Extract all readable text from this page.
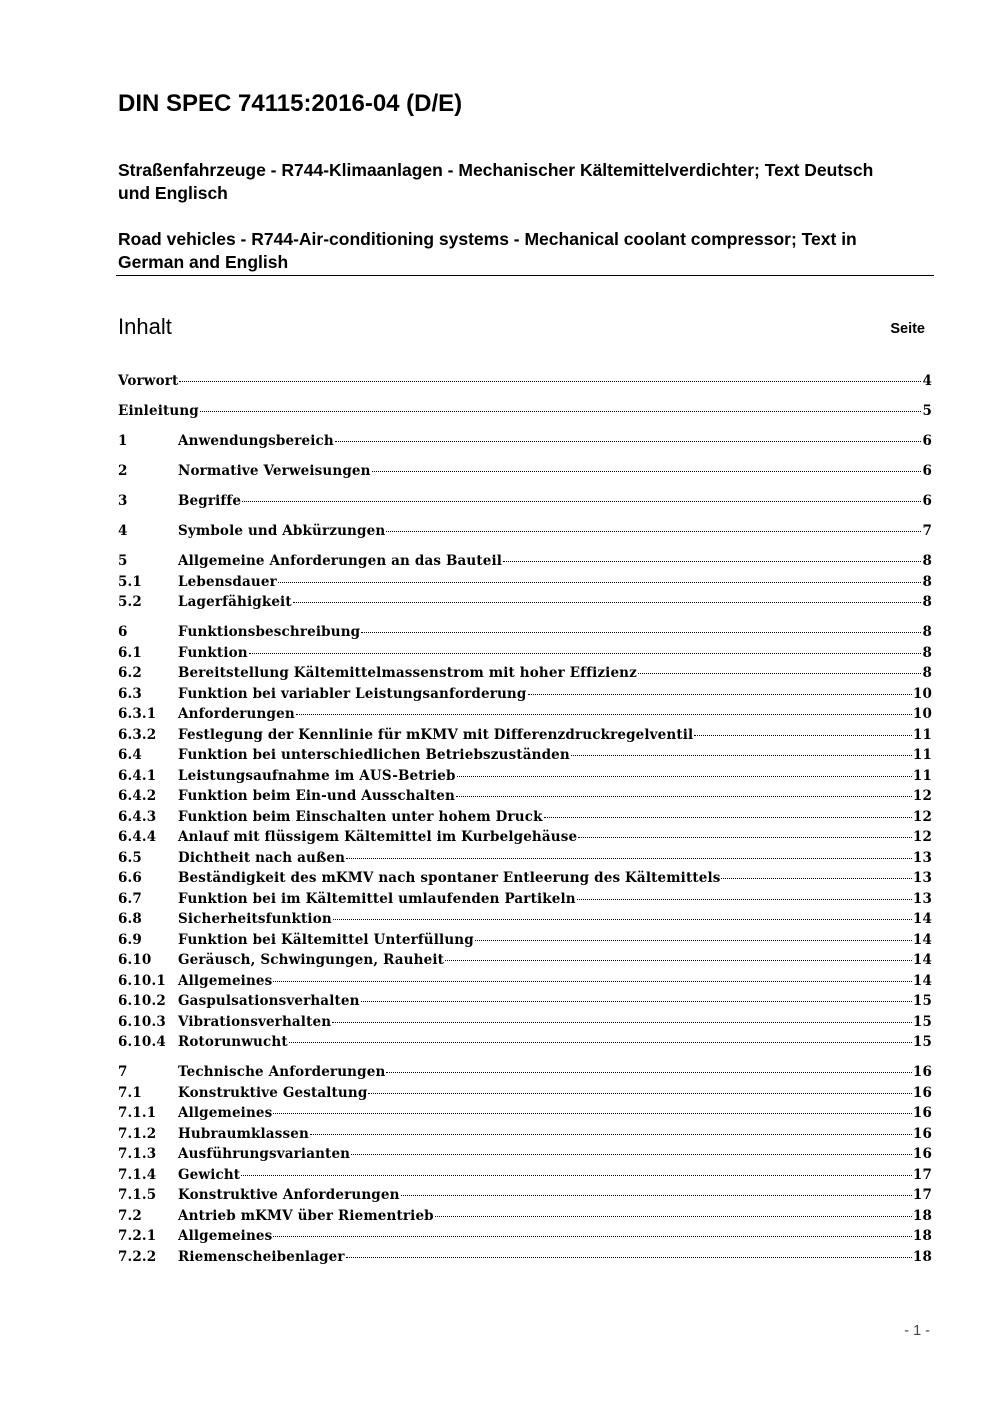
DIN SPEC 74115:2016-04 (D/E)
Straßenfahrzeuge - R744-Klimaanlagen - Mechanischer Kältemittelverdichter; Text Deutsch und Englisch
Road vehicles - R744-Air-conditioning systems - Mechanical coolant compressor; Text in German and English
Inhalt	Seite
Vorwort	4
Einleitung	5
1	Anwendungsbereich	6
2	Normative Verweisungen	6
3	Begriffe	6
4	Symbole und Abkürzungen	7
5	Allgemeine Anforderungen an das Bauteil	8
5.1	Lebensdauer	8
5.2	Lagerfähigkeit	8
6	Funktionsbeschreibung	8
6.1	Funktion	8
6.2	Bereitstellung Kältemittelmassenstrom mit hoher Effizienz	8
6.3	Funktion bei variabler Leistungsanforderung	10
6.3.1	Anforderungen	10
6.3.2	Festlegung der Kennlinie für mKMV mit Differenzdruckregelventil	11
6.4	Funktion bei unterschiedlichen Betriebszuständen	11
6.4.1	Leistungsaufnahme im AUS-Betrieb	11
6.4.2	Funktion beim Ein-und Ausschalten	12
6.4.3	Funktion beim Einschalten unter hohem Druck	12
6.4.4	Anlauf mit flüssigem Kältemittel im Kurbelgehäuse	12
6.5	Dichtheit nach außen	13
6.6	Beständigkeit des mKMV nach spontaner Entleerung des Kältemittels	13
6.7	Funktion bei im Kältemittel umlaufenden Partikeln	13
6.8	Sicherheitsfunktion	14
6.9	Funktion bei Kältemittel Unterfüllung	14
6.10	Geräusch, Schwingungen, Rauheit	14
6.10.1 Allgemeines	14
6.10.2 Gaspulsationsverhalten	15
6.10.3 Vibrationsverhalten	15
6.10.4 Rotorunwucht	15
7	Technische Anforderungen	16
7.1	Konstruktive Gestaltung	16
7.1.1	Allgemeines	16
7.1.2	Hubraumklassen	16
7.1.3	Ausführungsvarianten	16
7.1.4	Gewicht	17
7.1.5	Konstruktive Anforderungen	17
7.2	Antrieb mKMV über Riementrieb	18
7.2.1	Allgemeines	18
7.2.2	Riemenscheibenlager	18
- 1 -
